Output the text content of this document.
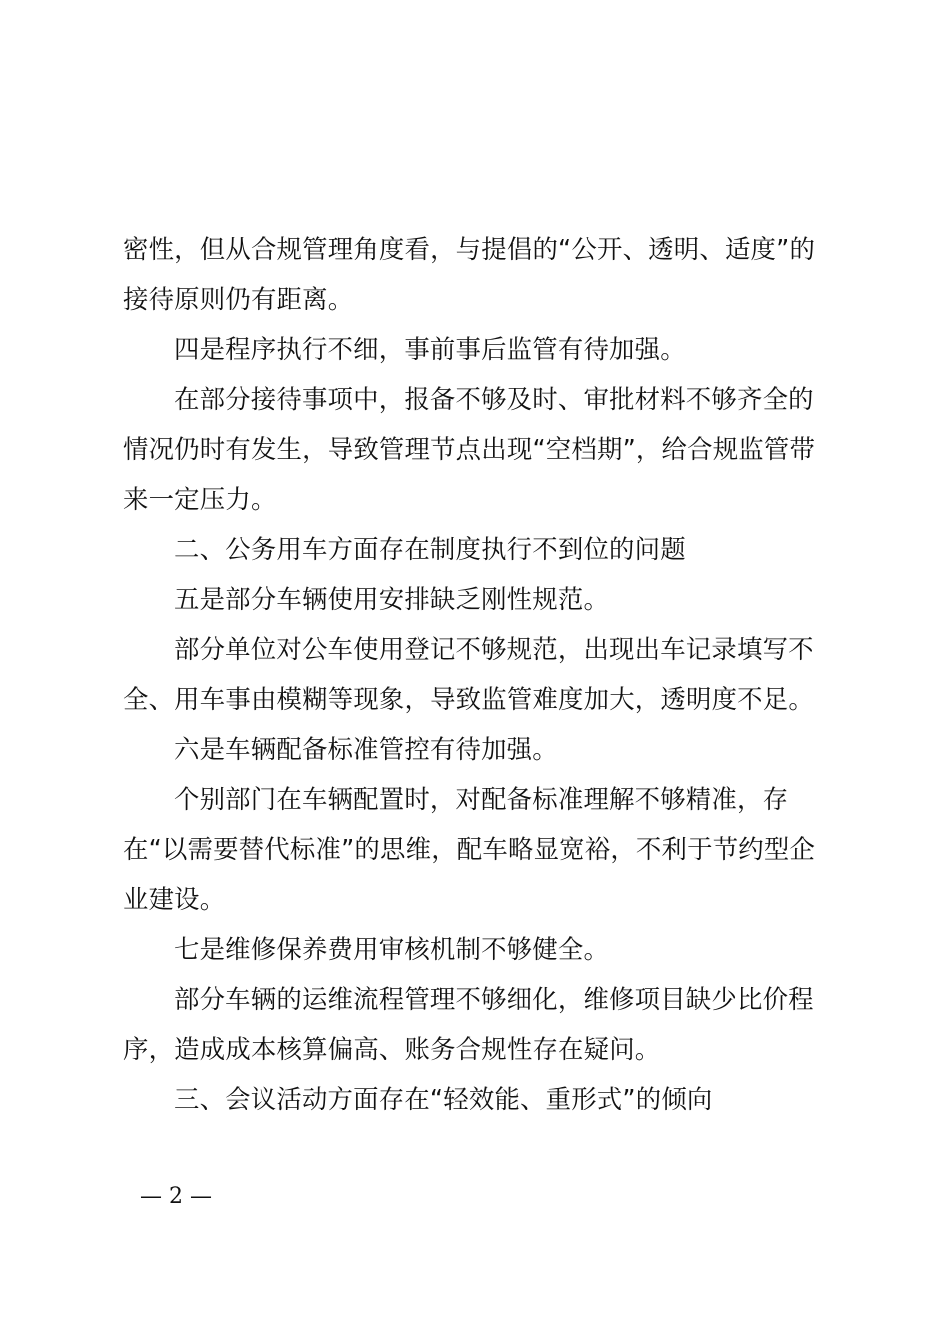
密性，但从合规管理角度看，与提倡的“公开、透明、适度”的接待原则仍有距离。

四是程序执行不细，事前事后监管有待加强。

在部分接待事项中，报备不够及时、审批材料不够齐全的情况仍时有发生，导致管理节点出现“空档期”，给合规监管带来一定压力。

二、公务用车方面存在制度执行不到位的问题

五是部分车辆使用安排缺乏刚性规范。

部分单位对公车使用登记不够规范，出现出车记录填写不全、用车事由模糊等现象，导致监管难度加大，透明度不足。

六是车辆配备标准管控有待加强。

个别部门在车辆配置时，对配备标准理解不够精准，存在“以需要替代标准”的思维，配车略显宽裕，不利于节约型企业建设。

七是维修保养费用审核机制不够健全。

部分车辆的运维流程管理不够细化，维修项目缺少比价程序，造成成本核算偏高、账务合规性存在疑问。

三、会议活动方面存在“轻效能、重形式”的倾向

— 2 —
